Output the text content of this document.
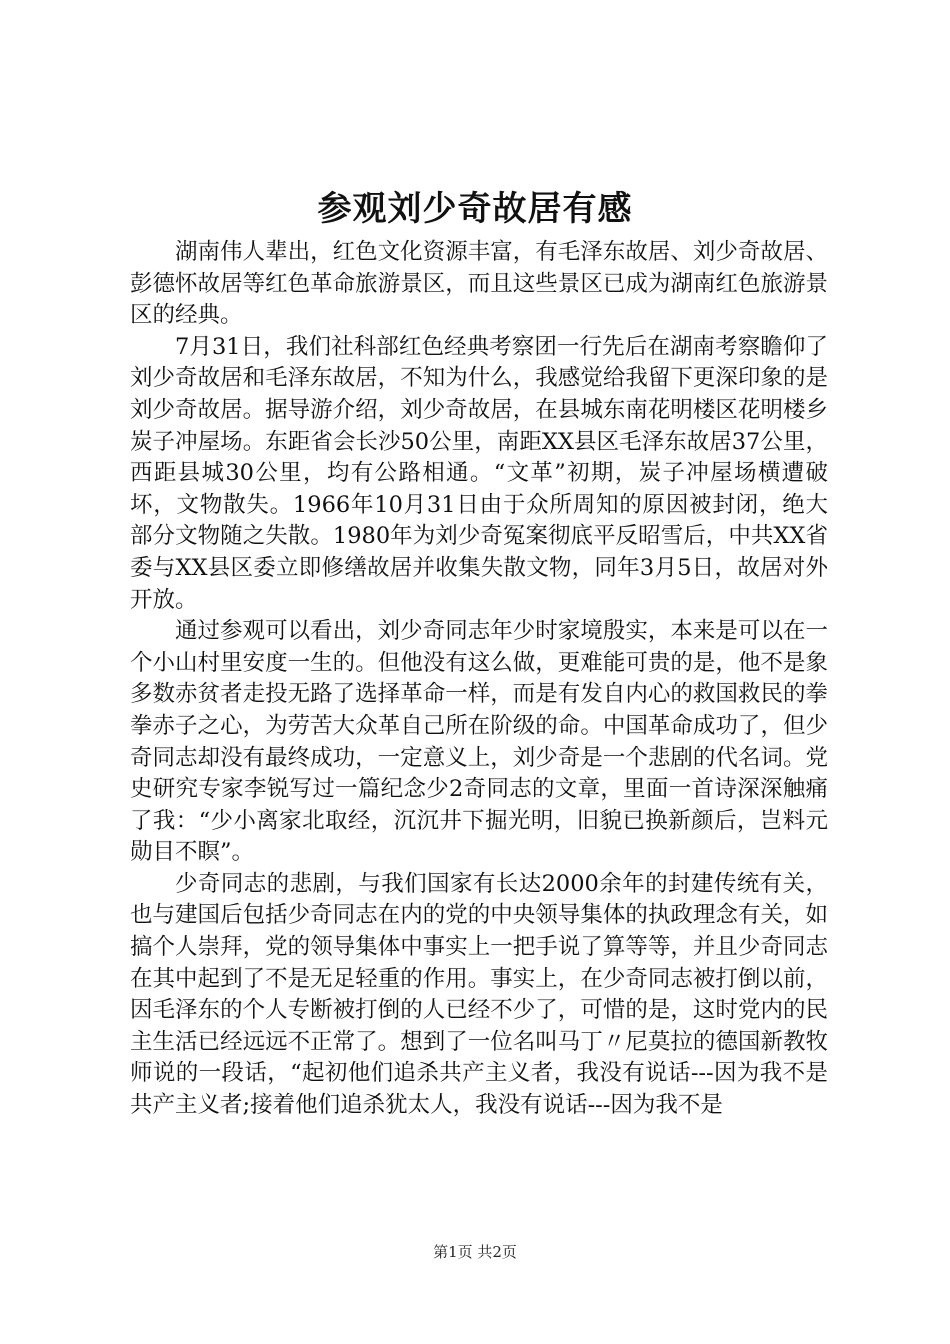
参观刘少奇故居有感

湖南伟人辈出，红色文化资源丰富，有毛泽东故居、刘少奇故居、彭德怀故居等红色革命旅游景区，而且这些景区已成为湖南红色旅游景区的经典。

7月31日，我们社科部红色经典考察团一行先后在湖南考察瞻仰了刘少奇故居和毛泽东故居，不知为什么，我感觉给我留下更深印象的是刘少奇故居。据导游介绍，刘少奇故居，在县城东南花明楼区花明楼乡炭子冲屋场。东距省会长沙50公里，南距XX县区毛泽东故居37公里，西距县城30公里，均有公路相通。“文革”初期，炭子冲屋场横遭破坏，文物散失。1966年10月31日由于众所周知的原因被封闭，绝大部分文物随之失散。1980年为刘少奇冤案彻底平反昭雪后，中共XX省委与XX县区委立即修缮故居并收集失散文物，同年3月5日，故居对外开放。

通过参观可以看出，刘少奇同志年少时家境殷实，本来是可以在一个小山村里安度一生的。但他没有这么做，更难能可贵的是，他不是象多数赤贫者走投无路了选择革命一样，而是有发自内心的救国救民的拳拳赤子之心，为劳苦大众革自己所在阶级的命。中国革命成功了，但少奇同志却没有最终成功，一定意义上，刘少奇是一个悲剧的代名词。党史研究专家李锐写过一篇纪念少2奇同志的文章，里面一首诗深深触痛了我：“少小离家北取经，沉沉井下掘光明，旧貌已换新颜后，岂料元勋目不瞑”。

少奇同志的悲剧，与我们国家有长达2000余年的封建传统有关，也与建国后包括少奇同志在内的党的中央领导集体的执政理念有关，如搞个人崇拜，党的领导集体中事实上一把手说了算等等，并且少奇同志在其中起到了不是无足轻重的作用。事实上，在少奇同志被打倒以前，因毛泽东的个人专断被打倒的人已经不少了，可惜的是，这时党内的民主生活已经远远不正常了。想到了一位名叫马丁〃尼莫拉的德国新教牧师说的一段话，“起初他们追杀共产主义者，我没有说话---因为我不是共产主义者;接着他们追杀犹太人，我没有说话---因为我不是

第1页 共2页
